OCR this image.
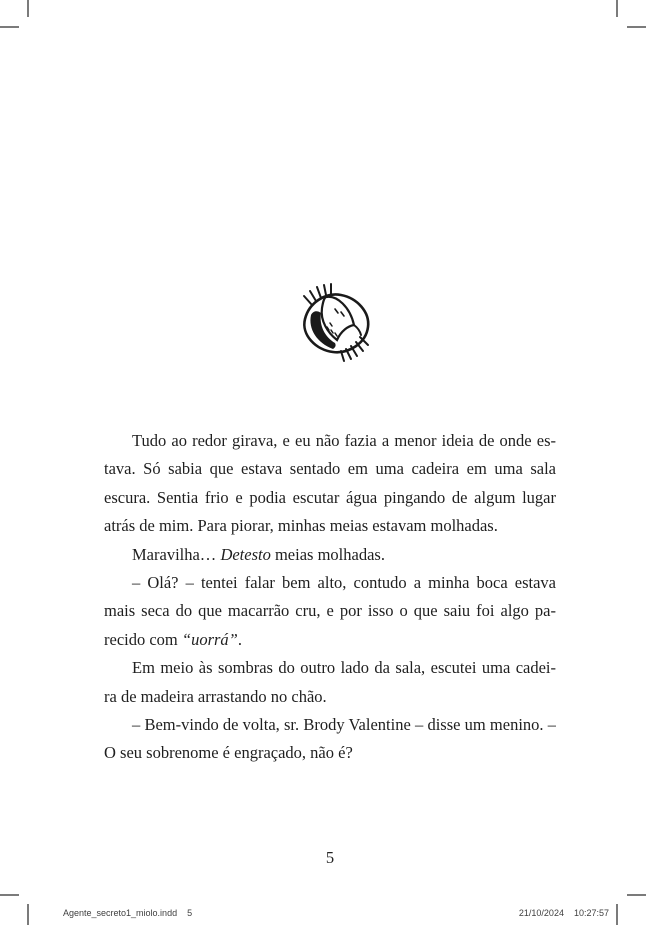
Tudo ao redor girava, e eu não fazia a menor ideia de onde es-
tava. Só sabia que estava sentado em uma cadeira em uma sala
escura. Sentia frio e podia escutar água pingando de algum lugar
atrás de mim. Para piorar, minhas meias estavam molhadas.
Maravilha… Detesto meias molhadas.
– Olá? – tentei falar bem alto, contudo a minha boca estava
mais seca do que macarrão cru, e por isso o que saiu foi algo pa-
recido com “uorrá”.
Em meio às sombras do outro lado da sala, escutei uma cadei-
ra de madeira arrastando no chão.
– Bem-vindo de volta, sr. Brody Valentine – disse um menino. –
O seu sobrenome é engraçado, não é?
5
Agente_secreto1_miolo.indd 5	21/10/2024 10:27:57
